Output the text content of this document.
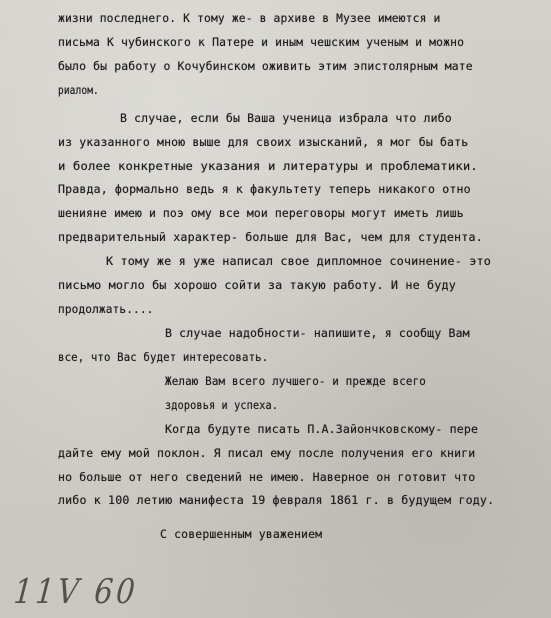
жизни последнего. К тому же- в архиве в Музее имеются и
письма К чубинского к Патере и иным чешским ученым и можно
было бы работу о Кочубинском оживить этим эпистолярным мате
риалом.
В случае, если бы Ваша ученица избрала что либо
из указанного мною выше для своих изысканий, я мог бы бать
и более конкретные указания и литературы и проблематики.
Правда, формально ведь я к факультету теперь никакого отно
шенияне имею и поэ ому все мои переговоры могут иметь лишь
предварительный характер- больше для Вас, чем для студента.
К тому же я уже написал свое дипломное сочинение- это
письмо могло бы хорошо сойти за такую работу. И не буду
продолжать....
В случае надобности- напишите, я сообщу Вам
все, что Вас будет интересовать.
Желаю Вам всего лучшего- и прежде всего
здоровья и успеха.
Когда будуте писать П.А.Зайончковскому- пере
дайте ему мой поклон. Я писал ему после получения его книги
но больше от него сведений не имею. Наверное он готовит что
либо к 100 летию манифеста 19 февраля 1861 г. в будущем году.
С совершенным уважением
11V 60
